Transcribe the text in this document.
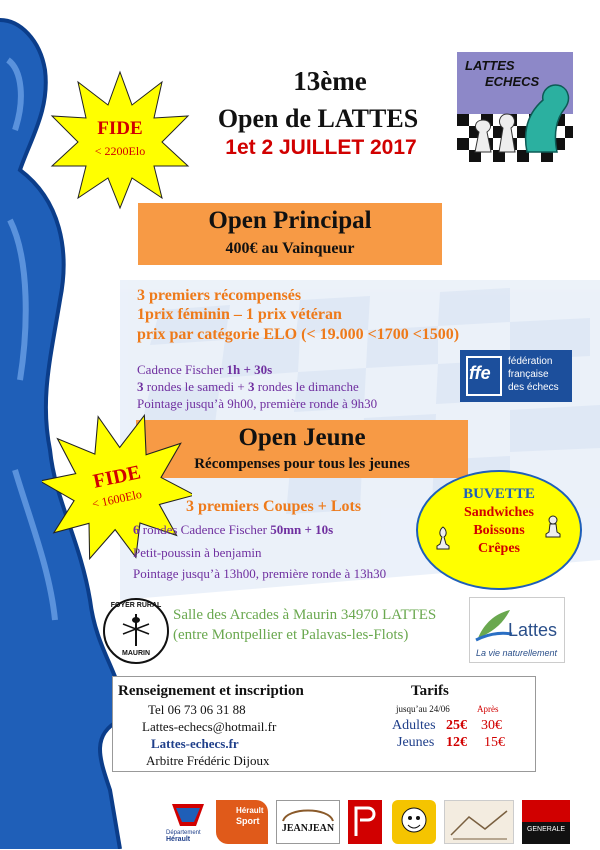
FIDE
< 2200Elo
13ème
Open de LATTES
1et 2 JUILLET 2017
LATTES
ECHECS
Open Principal
400€ au Vainqueur
3 premiers récompensés
1prix féminin – 1 prix vétéran
prix par catégorie ELO (< 19.000 <1700 <1500)
Cadence Fischer 1h + 30s
3 rondes le samedi + 3 rondes le dimanche
Pointage jusqu’à 9h00, première ronde à 9h30
ffe
fédération
française
des échecs
Open Jeune
Récompenses pour tous les jeunes
FIDE
< 1600Elo	3 premiers Coupes + Lots
6 rondes Cadence Fischer 50mn + 10s
Petit-poussin à benjamin
Pointage jusqu’à 13h00, première ronde à 13h30
BUVETTE
Sandwiches
Boissons
Crêpes
FOYER RURAL
MAURIN
Salle des Arcades à Maurin 34970 LATTES
(entre Montpellier et Palavas-les-Flots)	Lattes
La vie naturellement
Renseignement et inscription
Tel 06 73 06 31 88
Lattes-echecs@hotmail.fr
Lattes-echecs.fr
Arbitre Frédéric Dijoux
Tarifs
jusqu’au 24/06	Après
Adultes 25€ 30€
Jeunes 12€ 15€
Département
Hérault
Hérault
Sport
JEANJEAN	GENERALE
